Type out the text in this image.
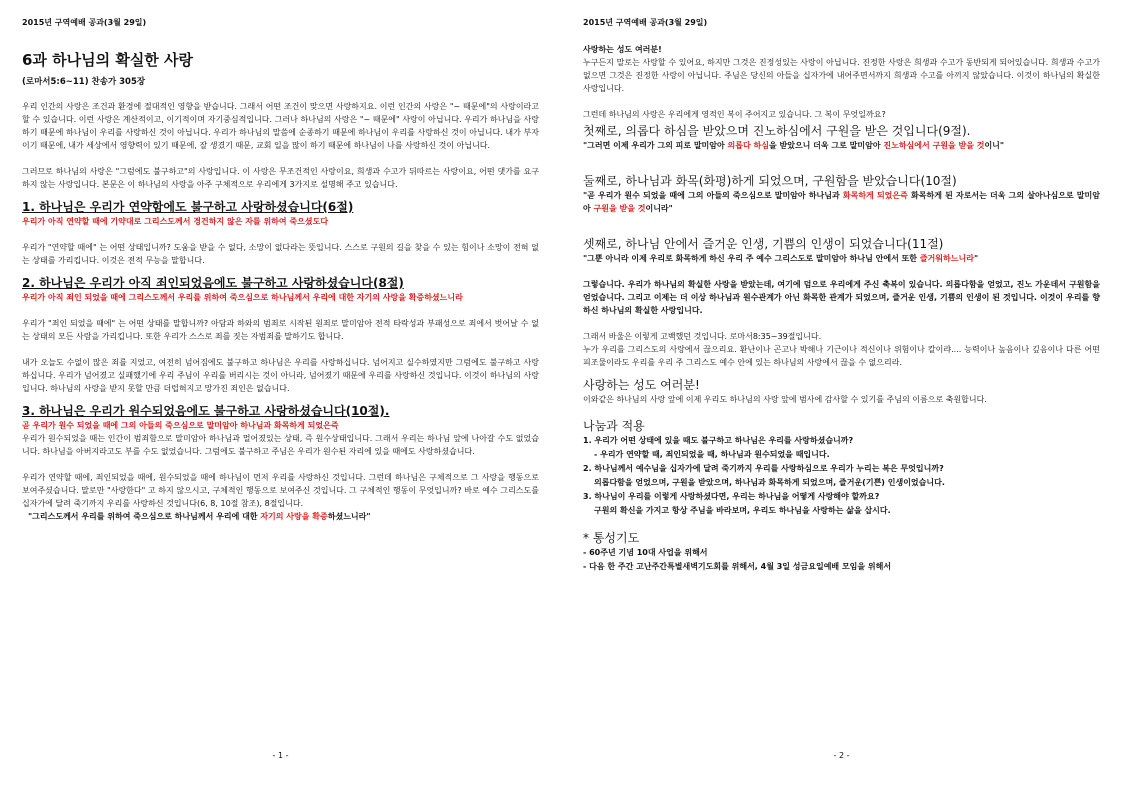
2015년 구역예배 공과(3월 29일)
6과 하나님의 확실한 사랑
(로마서5:6~11) 찬송가 305장

우리 인간의 사랑은 조건과 환경에 절대적인 영향을 받습니다. 그래서 어떤 조건이 맞으면 사랑하지요. 이런 인간의 사랑은 "~ 때문에"의 사랑이라고 할 수 있습니다. 이런 사랑은 계산적이고, 이기적이며 자기중심적입니다. 그러나 하나님의 사랑은 "~ 때문에" 사랑이 아닙니다. 우리가 하나님을 사랑하기 때문에 하나님이 우리를 사랑하신 것이 아닙니다. 우리가 하나님의 말씀에 순종하기 때문에 하나님이 우리를 사랑하신 것이 아닙니다. 내가 부자이기 때문에, 내가 세상에서 영향력이 있기 때문에, 잘 생겼기 때문, 교회 일을 많이 하기 때문에 하나님이 나를 사랑하신 것이 아닙니다.

그러므로 하나님의 사랑은 "그럼에도 불구하고"의 사랑입니다. 이 사랑은 무조건적인 사랑이요, 희생과 수고가 뒤따르는 사랑이요, 어떤 댓가를 요구하지 않는 사랑입니다. 본문은 이 하나님의 사랑을 아주 구체적으로 우리에게 3가지로 설명해 주고 있습니다.

1. 하나님은 우리가 연약함에도 불구하고 사랑하셨습니다(6절)

우리가 아직 연약할 때에 기약대로 그리스도께서 경건하지 않은 자를 위하여 죽으셨도다

우리가 "연약할 때에" 는 어떤 상태입니까? 도움을 받을 수 없다, 소망이 없다라는 뜻입니다. 스스로 구원의 길을 찾을 수 있는 힘이나 소망이 전혀 없는 상태를 가리킵니다. 이것은 전적 무능을 말합니다.

2. 하나님은 우리가 아직 죄인되었음에도 불구하고 사랑하셨습니다(8절)

우리가 아직 죄인 되었을 때에 그리스도께서 우리를 위하여 죽으심으로 하나님께서 우리에 대한 자기의 사랑을 확증하셨느니라

우리가 "죄인 되었을 때에" 는 어떤 상태를 말합니까? 아담과 하와의 범죄로 시작된 원죄로 말미암아 전적 타락성과 부패성으로 죄에서 벗어날 수 없는 상태의 모든 사람을 가리킵니다. 또한 우리가 스스로 죄를 짓는 자범죄를 말하기도 합니다.

내가 오늘도 수없이 많은 죄를 지었고, 여전히 넘어짐에도 불구하고 하나님은 우리를 사랑하십니다. 넘어지고 실수하였지만 그럼에도 불구하고 사랑하십니다. 우리가 넘어졌고 실패했기에 우리 주님이 우리를 버리시는 것이 아니라, 넘어졌기 때문에 우리를 사랑하신 것입니다. 이것이 하나님의 사랑입니다. 하나님의 사랑을 받지 못할 만큼 더럽혀지고 망가진 죄인은 없습니다.

3. 하나님은 우리가 원수되었음에도 불구하고 사랑하셨습니다(10절).

곧 우리가 원수 되었을 때에 그의 아들의 죽으심으로 말미암아 하나님과 화목하게 되었은즉

우리가 원수되었을 때는 인간이 범죄함으로 말미암아 하나님과 멀어졌있는 상태, 즉 원수상태입니다. 그래서 우리는 하나님 앞에 나아갈 수도 없었습니다. 하나님을 아버지라고도 부를 수도 없었습니다. 그럼에도 불구하고 주님은 우리가 원수된 자리에 있을 때에도 사랑하셨습니다.

우리가 연약할 때에, 죄인되었을 때에, 원수되었을 때에 하나님이 먼저 우리를 사랑하신 것입니다. 그런데 하나님은 구체적으로 그 사랑을 행동으로 보여주셨습니다. 말로만 "사랑한다" 고 하지 않으시고, 구체적인 행동으로 보여주신 것입니다. 그 구체적인 행동이 무엇입니까? 바로 예수 그리스도를 십자가에 달려 죽기까지 우리를 사랑하신 것입니다(6, 8, 10절 참조), 8절입니다.

"그리스도께서 우리를 위하여 죽으심으로 하나님께서 우리에 대한 자기의 사랑을 확증하셨느니라"

- 1 -
2015년 구역예배 공과(3월 29일)

사랑하는 성도 여러분!

누구든지 말로는 사랑할 수 있어요, 하지만 그것은 진정성있는 사랑이 아닙니다. 진정한 사랑은 희생과 수고가 동반되게 되어있습니다. 희생과 수고가 없으면 그것은 진정한 사랑이 아닙니다. 주님은 당신의 아들을 십자가에 내어주면서까지 희생과 수고를 아끼지 않았습니다. 이것이 하나님의 확실한 사랑입니다.

그런데 하나님의 사랑은 우리에게 영적인 복이 주어지고 있습니다. 그 복이 무엇일까요?

첫째로, 의롭다 하심을 받았으며 진노하심에서 구원을 받은 것입니다(9절).

"그러면 이제 우리가 그의 피로 말미암아 의롭다 하심을 받았으니 더욱 그로 말미암아 진노하심에서 구원을 받을 것이니"

둘째로, 하나님과 화목(화평)하게 되었으며, 구원함을 받았습니다(10절)

"곧 우리가 원수 되었을 때에 그의 아들의 죽으심으로 말미암아 하나님과 화목하게 되었은즉 화목하게 된 자로서는 더욱 그의 살아나심으로 말미암아 구원을 받을 것이니라"

셋째로, 하나님 안에서 즐거운 인생, 기쁨의 인생이 되었습니다(11절)

"그뿐 아니라 이제 우리로 화목하게 하신 우리 주 예수 그리스도로 말미암아 하나님 안에서 또한 즐거워하느니라"

그렇습니다. 우리가 하나님의 확실한 사랑을 받았는데, 여기에 덤으로 우리에게 주신 축복이 있습니다. 의롭다함을 얻었고, 진노 가운데서 구원함을 얻었습니다. 그리고 이제는 더 이상 하나님과 원수관계가 아닌 화목한 관계가 되었으며, 즐거운 인생, 기쁨의 인생이 된 것입니다. 이것이 우리를 향하신 하나님의 확실한 사랑입니다.

그래서 바울은 이렇게 고백했던 것입니다. 로마서8:35~39절입니다.

누가 우리를 그리스도의 사랑에서 끊으리요. 환난이나 곤고나 박해나 기근이나 적신이나 위험이나 칼이랴.... 능력이나 높음이나 깊음이나 다른 어떤 피조물이라도 우리를 우리 주 그리스도 예수 안에 있는 하나님의 사랑에서 끊을 수 없으리라.

사랑하는 성도 여러분!

이와같은 하나님의 사랑 앞에 이제 우리도 하나님의 사랑 앞에 범사에 감사할 수 있기를 주님의 이름으로 축원합니다.

나눔과 적용

1. 우리가 어떤 상태에 있을 때도 불구하고 하나님은 우리를 사랑하셨습니까?

- 우리가 연약할 때, 죄인되었을 때, 하나님과 원수되었을 때입니다.

2. 하나님께서 예수님을 십자가에 달려 죽기까지 우리를 사랑하심으로 우리가 누리는 복은 무엇입니까?

의롭다함을 얻었으며, 구원을 받았으며, 하나님과 화목하게 되었으며, 즐거운(기쁜) 인생이었습니다.

3. 하나님이 우리를 이렇게 사랑하셨다면, 우리는 하나님을 어떻게 사랑해야 할까요?

구원의 확신을 가지고 항상 주님을 바라보며, 우리도 하나님을 사랑하는 삶을 삽시다.

* 통성기도

- 60주년 기념 10대 사업을 위해서

- 다음 한 주간 고난주간특별새벽기도회를 위해서, 4월 3일 성금요일예배 모임을 위해서

- 2 -
